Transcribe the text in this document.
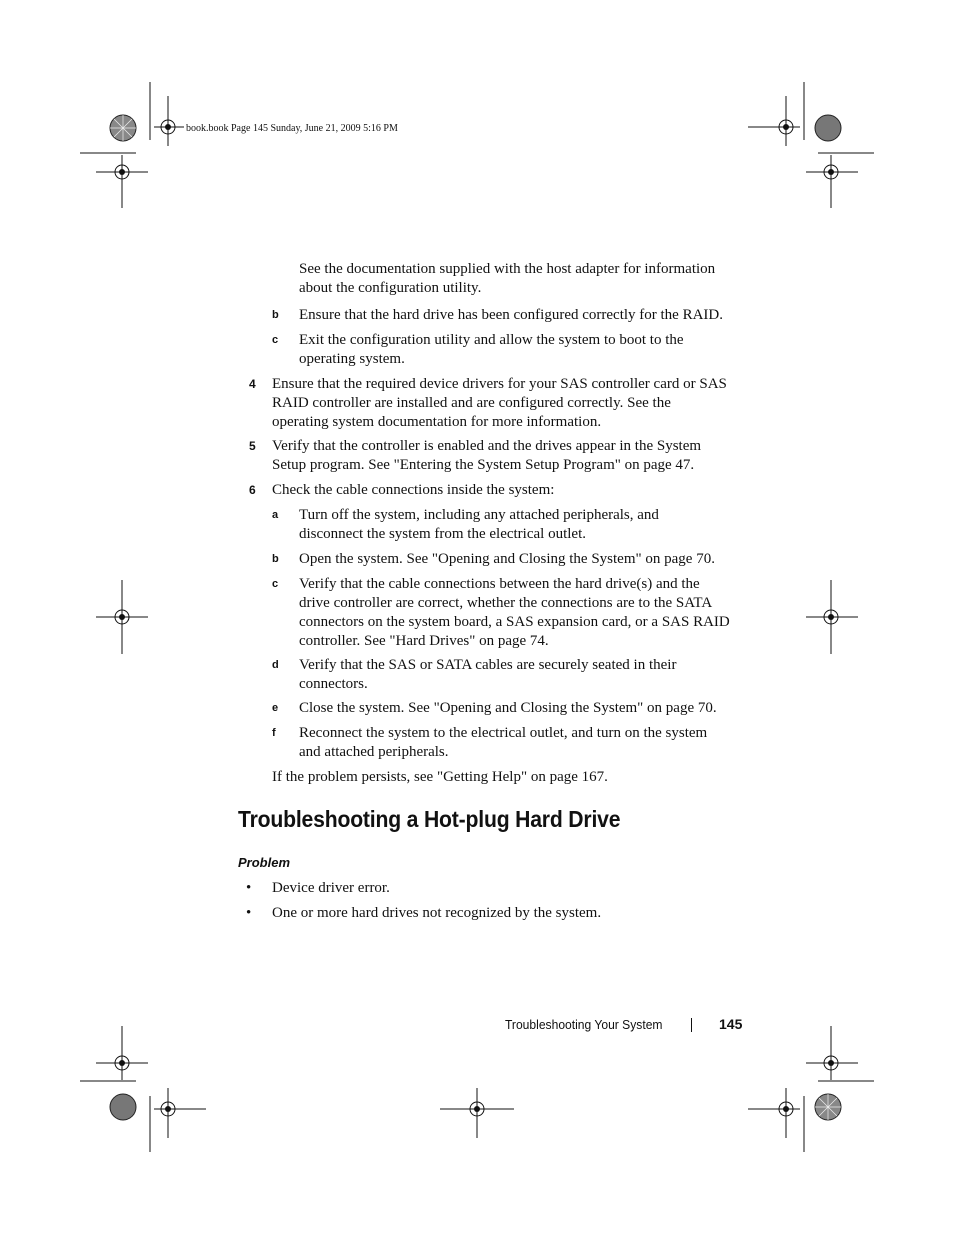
book.book Page 145 Sunday, June 21, 2009 5:16 PM
See the documentation supplied with the host adapter for information
about the configuration utility.
b Ensure that the hard drive has been configured correctly for the RAID.
c Exit the configuration utility and allow the system to boot to the
operating system.
4 Ensure that the required device drivers for your SAS controller card or SAS
RAID controller are installed and are configured correctly. See the
operating system documentation for more information.
5 Verify that the controller is enabled and the drives appear in the System
Setup program. See "Entering the System Setup Program" on page 47.
6 Check the cable connections inside the system:
a Turn off the system, including any attached peripherals, and
disconnect the system from the electrical outlet.
b Open the system. See "Opening and Closing the System" on page 70.
c Verify that the cable connections between the hard drive(s) and the
drive controller are correct, whether the connections are to the SATA
connectors on the system board, a SAS expansion card, or a SAS RAID
controller. See "Hard Drives" on page 74.
d Verify that the SAS or SATA cables are securely seated in their
connectors.
e Close the system. See "Opening and Closing the System" on page 70.
f Reconnect the system to the electrical outlet, and turn on the system
and attached peripherals.
If the problem persists, see "Getting Help" on page 167.
Troubleshooting a Hot-plug Hard Drive
Problem
• Device driver error.
• One or more hard drives not recognized by the system.
Troubleshooting Your System	145
